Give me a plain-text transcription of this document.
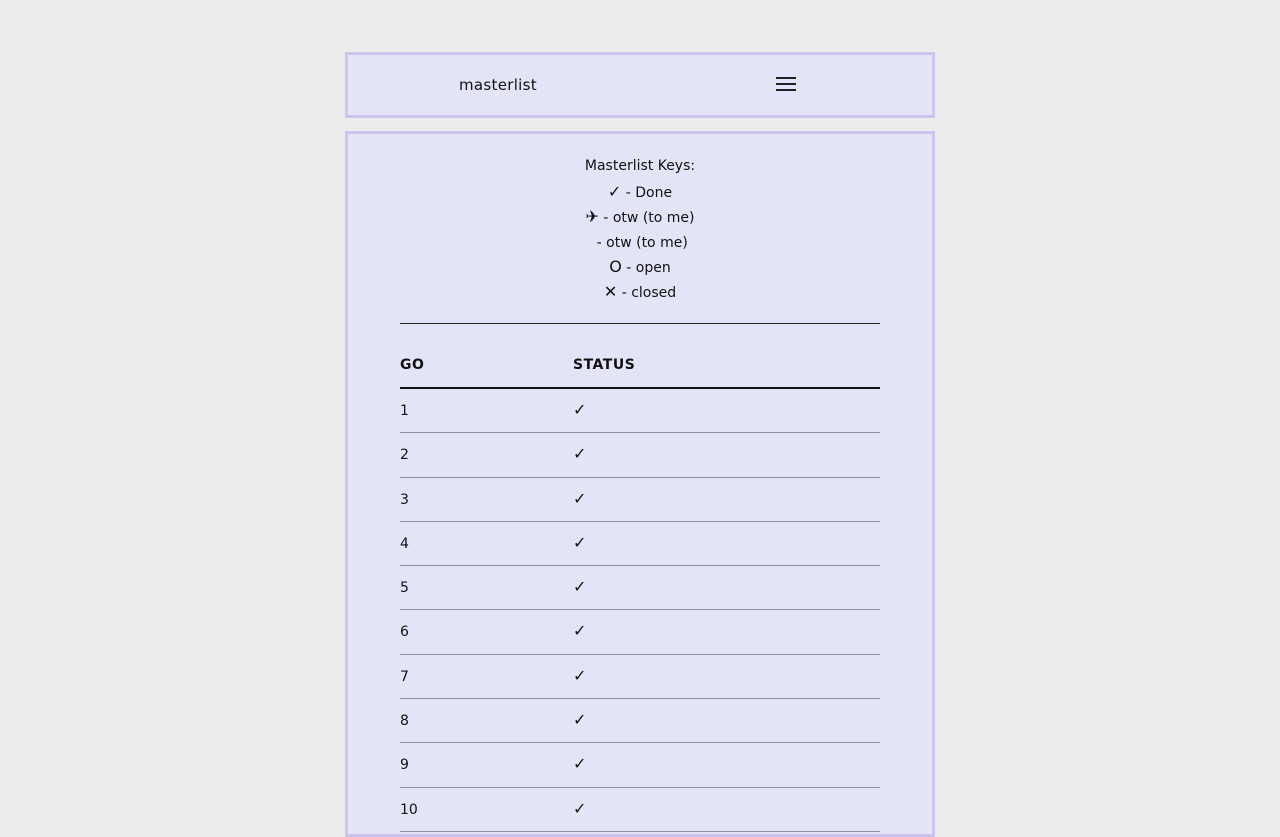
masterlist
Masterlist Keys:
✓ - Done
✈ - otw (to me)
- otw (to me)
O - open
✕ - closed
GO	STATUS
1	✓
2	✓
3	✓
4	✓
5	✓
6	✓
7	✓
8	✓
9	✓
10	✓
